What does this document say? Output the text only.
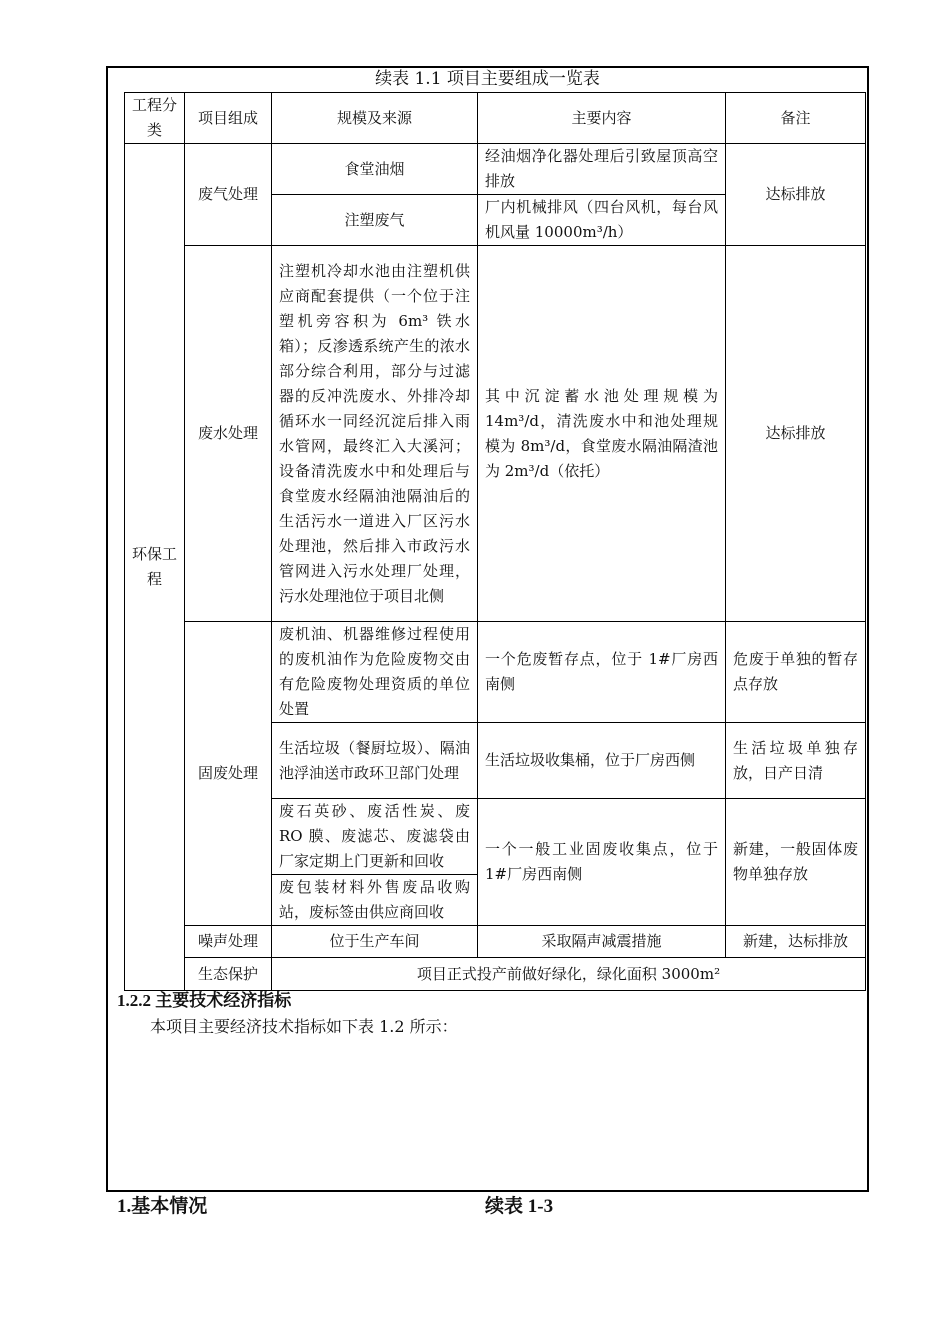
续表 1.1 项目主要组成一览表
工程分类	项目组成	规模及来源	主要内容	备注
环保工程	废气处理	食堂油烟	经油烟净化器处理后引致屋顶高空排放	达标排放
		注塑废气	厂内机械排风（四台风机，每台风机风量 10000m³/h）	
	废水处理	注塑机冷却水池由注塑机供应商配套提供（一个位于注塑机旁容积为 6m³ 铁水箱）；反渗透系统产生的浓水部分综合利用，部分与过滤器的反冲洗废水、外排冷却循环水一同经沉淀后排入雨水管网，最终汇入大溪河；设备清洗废水中和处理后与食堂废水经隔油池隔油后的生活污水一道进入厂区污水处理池，然后排入市政污水管网进入污水处理厂处理，污水处理池位于项目北侧	其中沉淀蓄水池处理规模为 14m³/d，清洗废水中和池处理规模为 8m³/d，食堂废水隔油隔渣池为 2m³/d（依托）	达标排放
	固废处理	废机油、机器维修过程使用的废机油作为危险废物交由有危险废物处理资质的单位处置	一个危废暂存点，位于 1#厂房西南侧	危废于单独的暂存点存放
		生活垃圾（餐厨垃圾）、隔油池浮油送市政环卫部门处理	生活垃圾收集桶，位于厂房西侧	生活垃圾单独存放，日产日清
		废石英砂、废活性炭、废 RO 膜、废滤芯、废滤袋由厂家定期上门更新和回收	一个一般工业固废收集点，位于 1#厂房西南侧	新建，一般固体废物单独存放
		废包装材料外售废品收购站，废标签由供应商回收		
	噪声处理	位于生产车间	采取隔声减震措施	新建，达标排放
	生态保护	项目正式投产前做好绿化，绿化面积 3000m²		
1.2.2 主要技术经济指标
本项目主要经济技术指标如下表 1.2 所示：
1.基本情况	续表 1-3
